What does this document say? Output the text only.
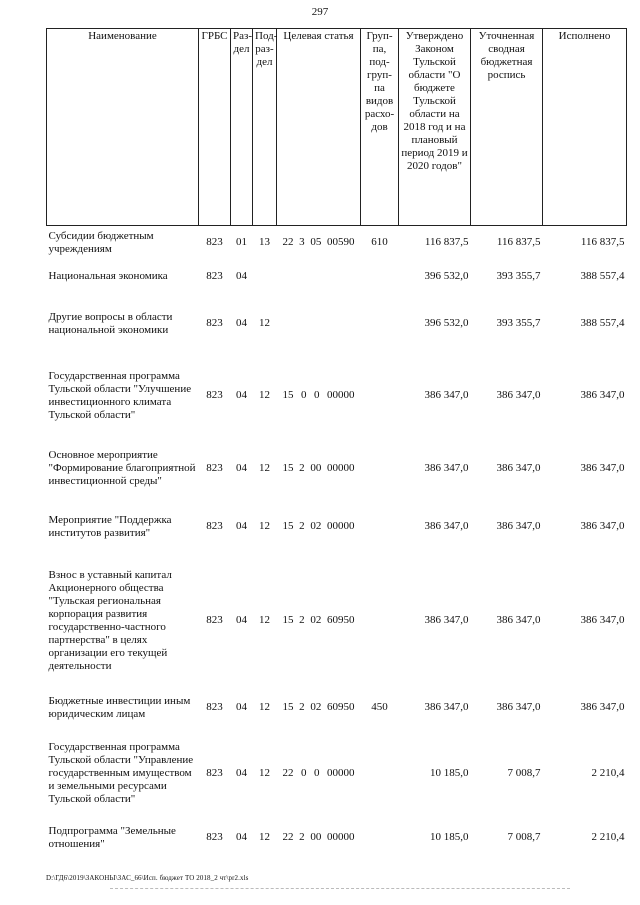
297
Наименование	ГРБС	Раз-дел	Под-раз-дел	Целевая статья	Груп-па, под-груп-па видов расхо-дов	Утверждено Законом Тульской области "О бюджете Тульской области на 2018 год и на плановый период 2019 и 2020 годов"	Уточненная сводная бюджетная роспись	Исполнено
Субсидии бюджетным учреждениям	823	01	13	22 3 05 00590	610	116 837,5	116 837,5	116 837,5
Национальная экономика	823	04				396 532,0	393 355,7	388 557,4
Другие вопросы в области национальной экономики	823	04	12			396 532,0	393 355,7	388 557,4
Государственная программа Тульской области "Улучшение инвестиционного климата Тульской области"	823	04	12	15 0 0 00000		386 347,0	386 347,0	386 347,0
Основное мероприятие "Формирование благоприятной инвестиционной среды"	823	04	12	15 2 00 00000		386 347,0	386 347,0	386 347,0
Мероприятие "Поддержка институтов развития"	823	04	12	15 2 02 00000		386 347,0	386 347,0	386 347,0
Взнос в уставный капитал Акционерного общества "Тульская региональная корпорация развития государственно-частного партнерства" в целях организации его текущей деятельности	823	04	12	15 2 02 60950		386 347,0	386 347,0	386 347,0
Бюджетные инвестиции иным юридическим лицам	823	04	12	15 2 02 60950	450	386 347,0	386 347,0	386 347,0
Государственная программа Тульской области "Управление государственным имуществом и земельными ресурсами Тульской области"	823	04	12	22 0 0 00000		10 185,0	7 008,7	2 210,4
Подпрограмма "Земельные отношения"	823	04	12	22 2 00 00000		10 185,0	7 008,7	2 210,4
D:\ГД6\2019\ЗАКОНЫ\ЗАС_66\Исп. бюджет ТО 2018_2 чт\pr2.xls
